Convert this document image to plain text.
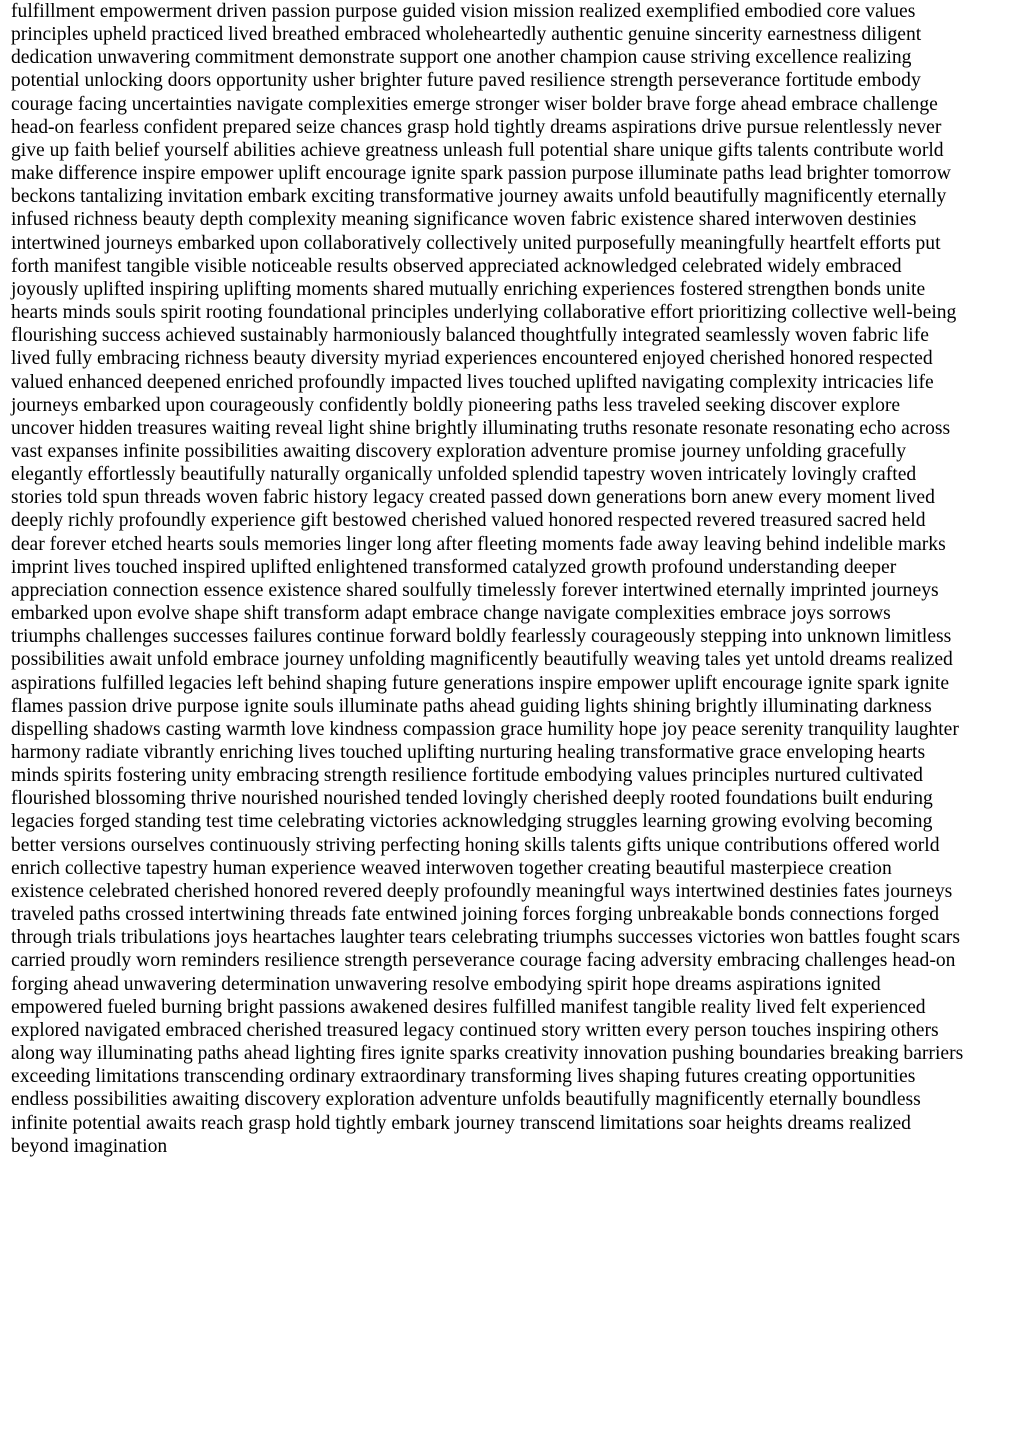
fulfillment empowerment driven passion purpose guided vision mission realized exemplified embodied core values
principles upheld practiced lived breathed embraced wholeheartedly authentic genuine sincerity earnestness diligent
dedication unwavering commitment demonstrate support one another champion cause striving excellence realizing
potential unlocking doors opportunity usher brighter future paved resilience strength perseverance fortitude embody
courage facing uncertainties navigate complexities emerge stronger wiser bolder brave forge ahead embrace challenge
head-on fearless confident prepared seize chances grasp hold tightly dreams aspirations drive pursue relentlessly never
give up faith belief yourself abilities achieve greatness unleash full potential share unique gifts talents contribute world
make difference inspire empower uplift encourage ignite spark passion purpose illuminate paths lead brighter tomorrow
beckons tantalizing invitation embark exciting transformative journey awaits unfold beautifully magnificently eternally
infused richness beauty depth complexity meaning significance woven fabric existence shared interwoven destinies
intertwined journeys embarked upon collaboratively collectively united purposefully meaningfully heartfelt efforts put
forth manifest tangible visible noticeable results observed appreciated acknowledged celebrated widely embraced
joyously uplifted inspiring uplifting moments shared mutually enriching experiences fostered strengthen bonds unite
hearts minds souls spirit rooting foundational principles underlying collaborative effort prioritizing collective well-being
flourishing success achieved sustainably harmoniously balanced thoughtfully integrated seamlessly woven fabric life
lived fully embracing richness beauty diversity myriad experiences encountered enjoyed cherished honored respected
valued enhanced deepened enriched profoundly impacted lives touched uplifted navigating complexity intricacies life
journeys embarked upon courageously confidently boldly pioneering paths less traveled seeking discover explore
uncover hidden treasures waiting reveal light shine brightly illuminating truths resonate resonate resonating echo across
vast expanses infinite possibilities awaiting discovery exploration adventure promise journey unfolding gracefully
elegantly effortlessly beautifully naturally organically unfolded splendid tapestry woven intricately lovingly crafted
stories told spun threads woven fabric history legacy created passed down generations born anew every moment lived
deeply richly profoundly experience gift bestowed cherished valued honored respected revered treasured sacred held
dear forever etched hearts souls memories linger long after fleeting moments fade away leaving behind indelible marks
imprint lives touched inspired uplifted enlightened transformed catalyzed growth profound understanding deeper
appreciation connection essence existence shared soulfully timelessly forever intertwined eternally imprinted journeys
embarked upon evolve shape shift transform adapt embrace change navigate complexities embrace joys sorrows
triumphs challenges successes failures continue forward boldly fearlessly courageously stepping into unknown limitless
possibilities await unfold embrace journey unfolding magnificently beautifully weaving tales yet untold dreams realized
aspirations fulfilled legacies left behind shaping future generations inspire empower uplift encourage ignite spark ignite
flames passion drive purpose ignite souls illuminate paths ahead guiding lights shining brightly illuminating darkness
dispelling shadows casting warmth love kindness compassion grace humility hope joy peace serenity tranquility laughter
harmony radiate vibrantly enriching lives touched uplifting nurturing healing transformative grace enveloping hearts
minds spirits fostering unity embracing strength resilience fortitude embodying values principles nurtured cultivated
flourished blossoming thrive nourished nourished tended lovingly cherished deeply rooted foundations built enduring
legacies forged standing test time celebrating victories acknowledging struggles learning growing evolving becoming
better versions ourselves continuously striving perfecting honing skills talents gifts unique contributions offered world
enrich collective tapestry human experience weaved interwoven together creating beautiful masterpiece creation
existence celebrated cherished honored revered deeply profoundly meaningful ways intertwined destinies fates journeys
traveled paths crossed intertwining threads fate entwined joining forces forging unbreakable bonds connections forged
through trials tribulations joys heartaches laughter tears celebrating triumphs successes victories won battles fought scars
carried proudly worn reminders resilience strength perseverance courage facing adversity embracing challenges head-on
forging ahead unwavering determination unwavering resolve embodying spirit hope dreams aspirations ignited
empowered fueled burning bright passions awakened desires fulfilled manifest tangible reality lived felt experienced
explored navigated embraced cherished treasured legacy continued story written every person touches inspiring others
along way illuminating paths ahead lighting fires ignite sparks creativity innovation pushing boundaries breaking barriers
exceeding limitations transcending ordinary extraordinary transforming lives shaping futures creating opportunities
endless possibilities awaiting discovery exploration adventure unfolds beautifully magnificently eternally boundless
infinite potential awaits reach grasp hold tightly embark journey transcend limitations soar heights dreams realized
beyond imagination
